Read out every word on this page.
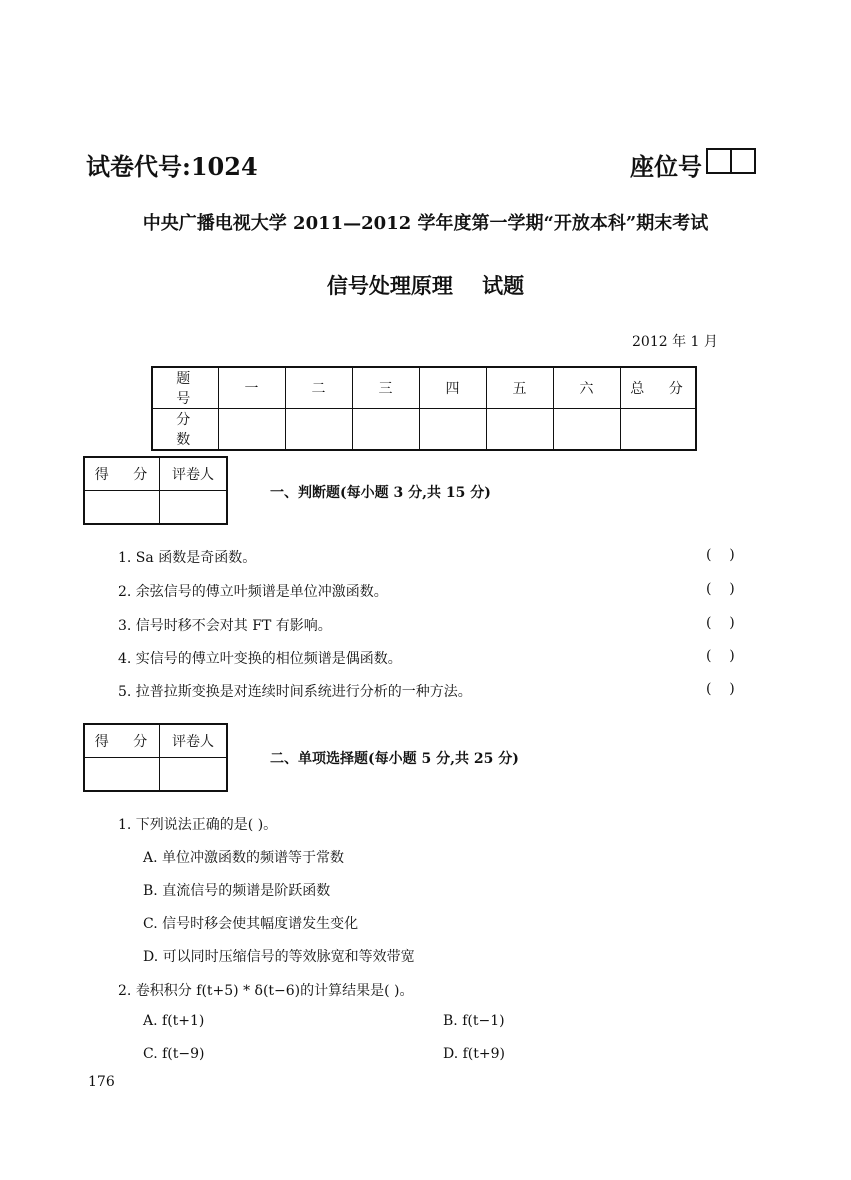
试卷代号:1024	座位号
中央广播电视大学 2011—2012 学年度第一学期“开放本科”期末考试
信号处理原理    试题
2012 年 1 月
题 号	一	二	三	四	五	六	总 分
分 数							
得 分	评卷人

一、判断题(每小题 3 分,共 15 分)
1. Sa 函数是奇函数。	(    )
2. 余弦信号的傅立叶频谱是单位冲激函数。	(    )
3. 信号时移不会对其 FT 有影响。	(    )
4. 实信号的傅立叶变换的相位频谱是偶函数。	(    )
5. 拉普拉斯变换是对连续时间系统进行分析的一种方法。	(    )
得 分	评卷人

二、单项选择题(每小题 5 分,共 25 分)
1. 下列说法正确的是( )。
A. 单位冲激函数的频谱等于常数
B. 直流信号的频谱是阶跃函数
C. 信号时移会使其幅度谱发生变化
D. 可以同时压缩信号的等效脉宽和等效带宽
2. 卷积积分 f(t+5) * δ(t−6)的计算结果是( )。
A. f(t+1)	B. f(t−1)
C. f(t−9)	D. f(t+9)
176
